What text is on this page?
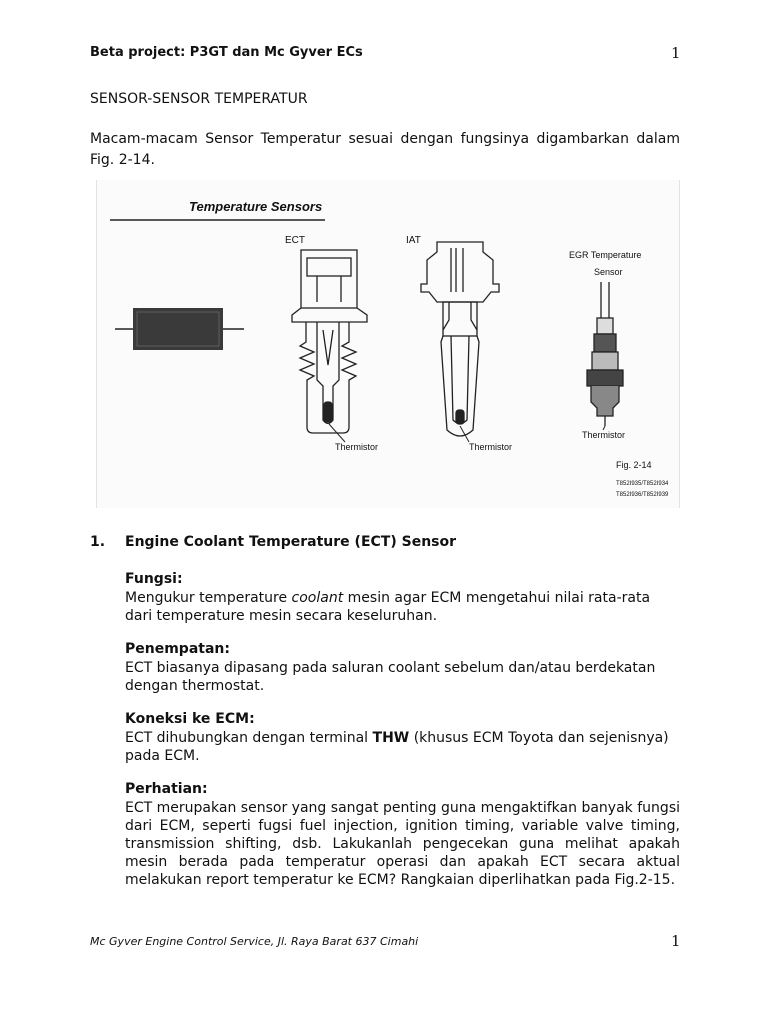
Beta project: P3GT dan Mc Gyver ECs	1
SENSOR-SENSOR TEMPERATUR
Macam-macam Sensor Temperatur sesuai dengan fungsinya digambarkan dalam Fig. 2-14.
Temperature Sensors
ECT
Thermistor
IAT
Thermistor
EGR Temperature
Sensor
Thermistor
Fig. 2-14
T852I935/T852I934
T852I936/T852I939
1. Engine Coolant Temperature (ECT) Sensor
Fungsi:

Mengukur temperature coolant mesin agar ECM mengetahui nilai rata-rata dari temperature mesin secara keseluruhan.

Penempatan:

ECT biasanya dipasang pada saluran coolant sebelum dan/atau berdekatan dengan thermostat.

Koneksi ke ECM:

ECT dihubungkan dengan terminal THW (khusus ECM Toyota dan sejenisnya) pada ECM.

Perhatian:

ECT merupakan sensor yang sangat penting guna mengaktifkan banyak fungsi dari ECM, seperti fugsi fuel injection, ignition timing, variable valve timing, transmission shifting, dsb. Lakukanlah pengecekan guna melihat apakah mesin berada pada temperatur operasi dan apakah ECT secara aktual melakukan report temperatur ke ECM? Rangkaian diperlihatkan pada Fig.2-15.

Mc Gyver Engine Control Service, Jl. Raya Barat 637 Cimahi	1
